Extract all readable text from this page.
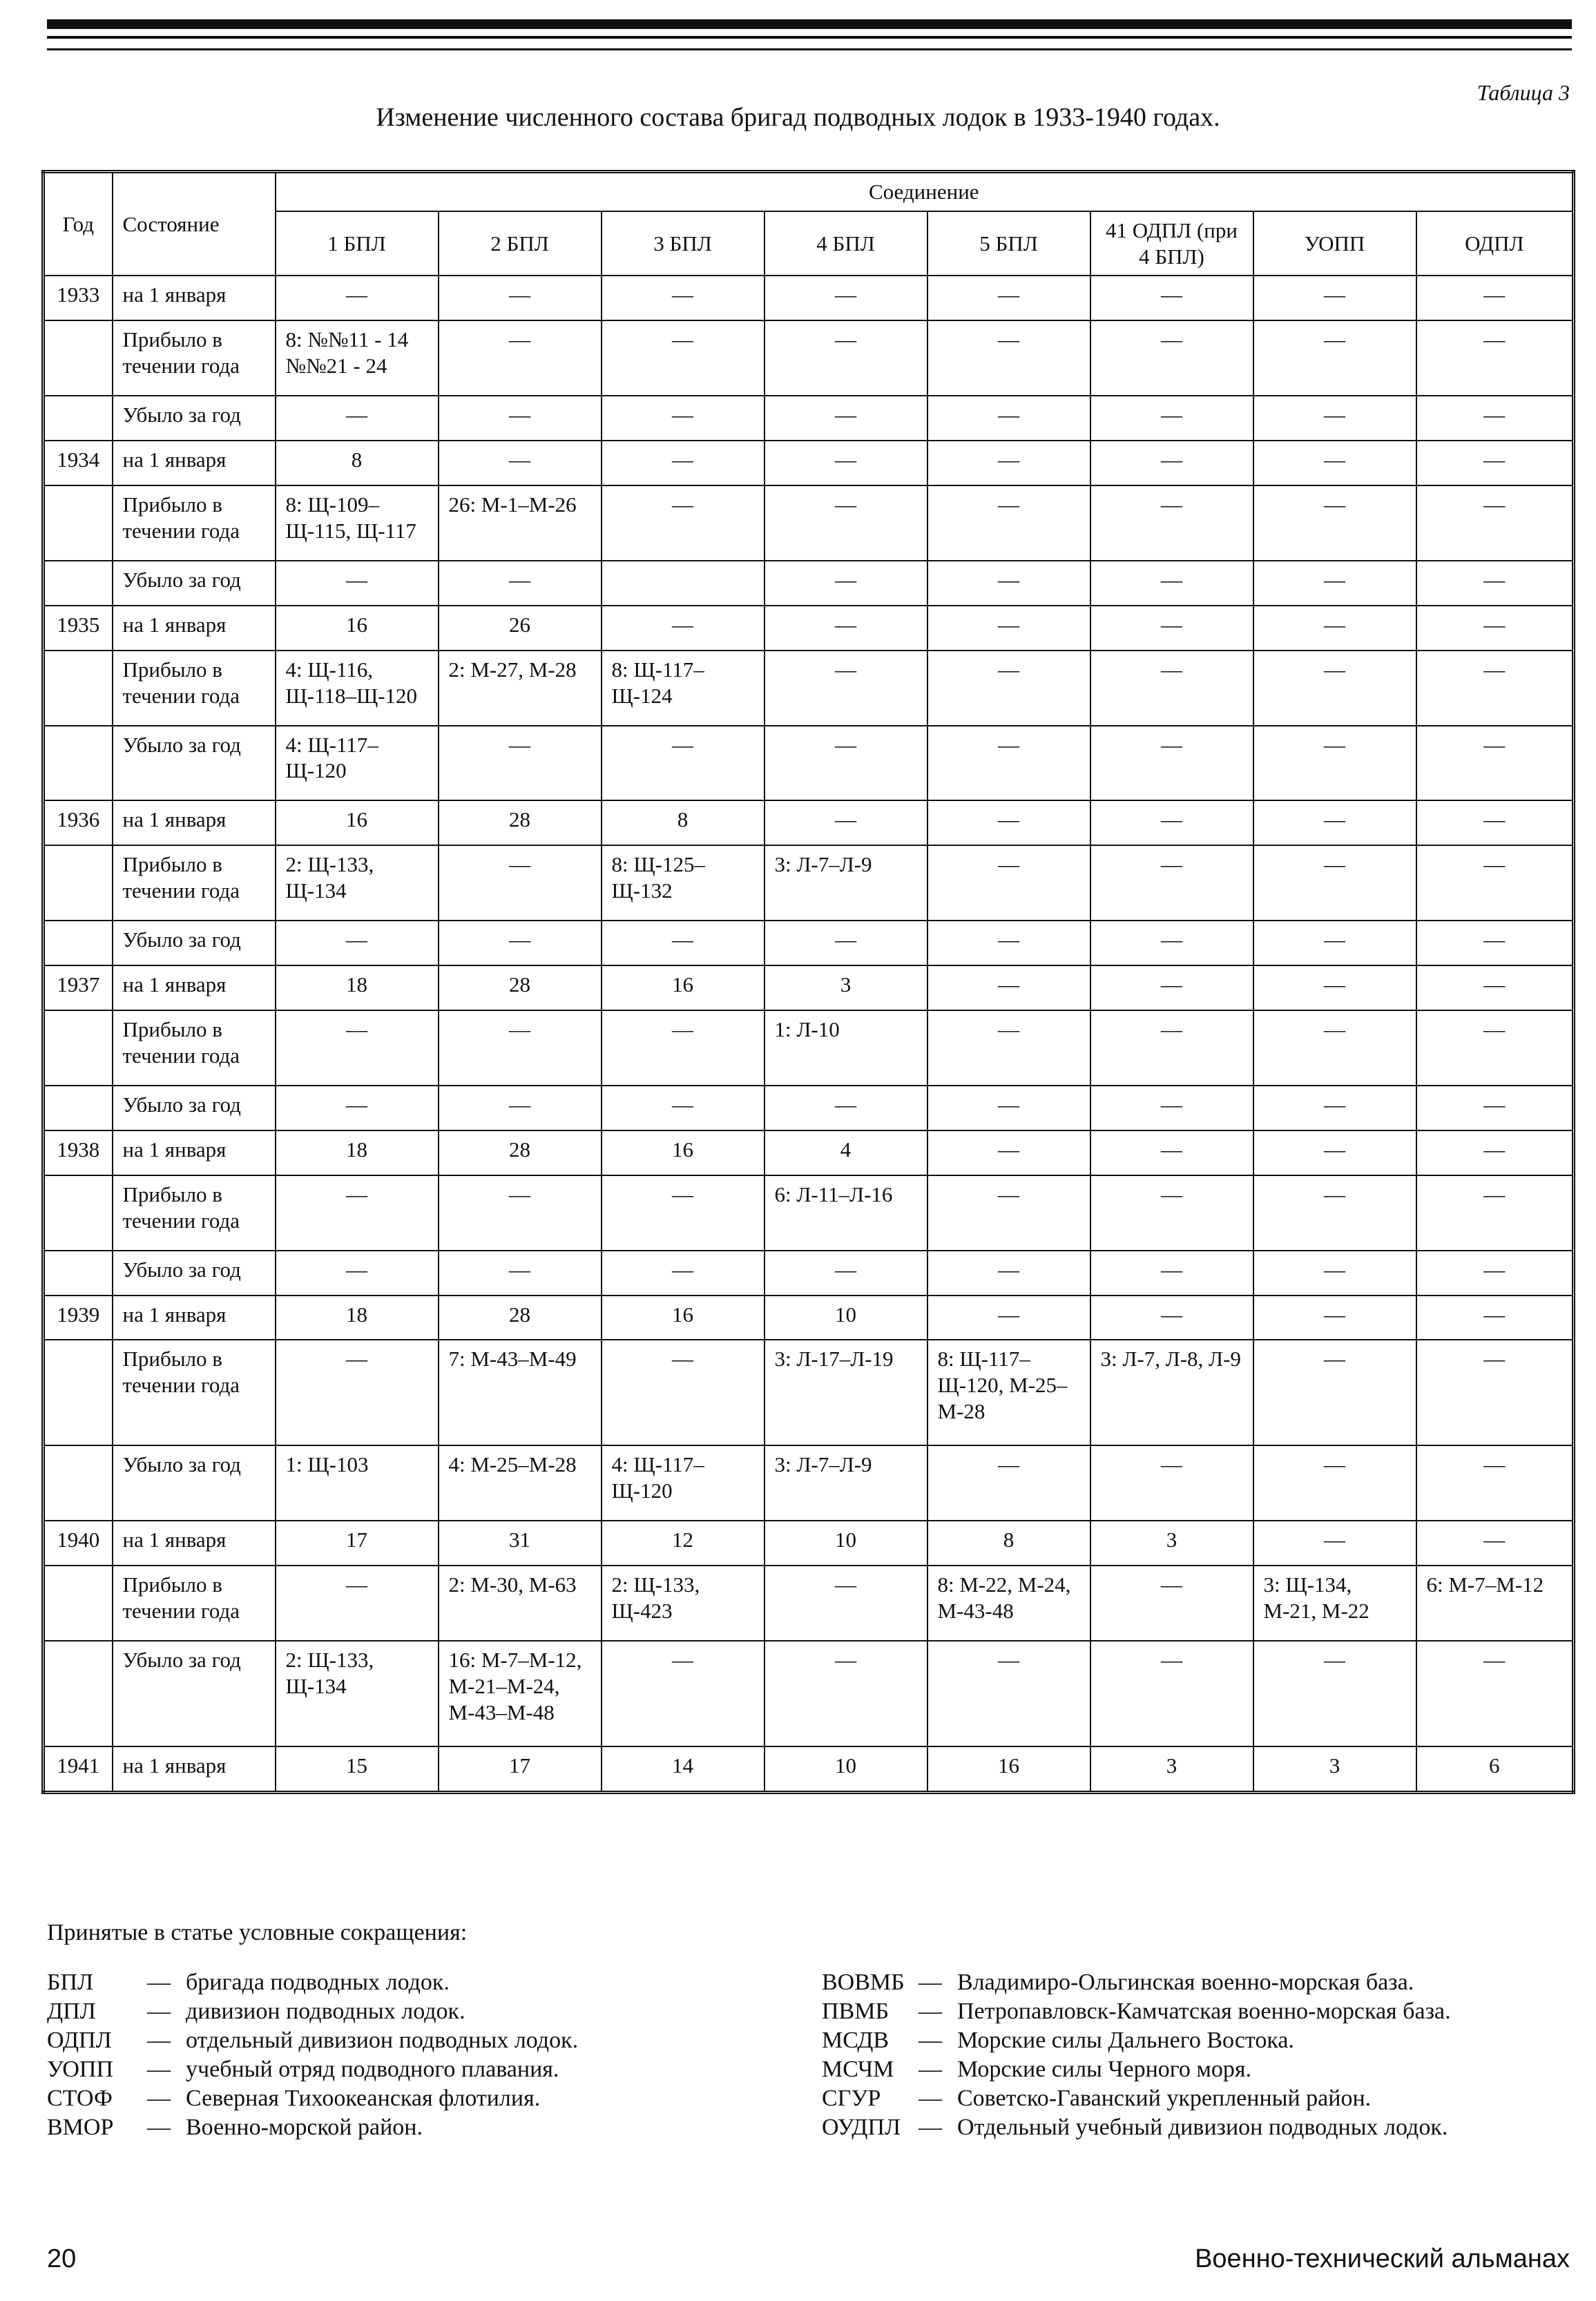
Таблица 3
Изменение численного состава бригад подводных лодок в 1933-1940 годах.
Год	Состояние	Соединение							
		1 БПЛ	2 БПЛ	3 БПЛ	4 БПЛ	5 БПЛ	41 ОДПЛ (при 4 БПЛ)	УОПП	ОДПЛ
1933	на 1 января	—	—	—	—	—	—	—	—
	Прибыло в течении года	8: №№11 - 14 №№21 - 24	—	—	—	—	—	—	—
	Убыло за год	—	—	—	—	—	—	—	—
1934	на 1 января	8	—	—	—	—	—	—	—
	Прибыло в течении года	8: Щ-109–Щ-115, Щ-117	26: М-1–М-26	—	—	—	—	—	—
	Убыло за год	—	—		—	—	—	—	—
1935	на 1 января	16	26	—	—	—	—	—	—
	Прибыло в течении года	4: Щ-116, Щ-118–Щ-120	2: М-27, М-28	8: Щ-117–Щ-124	—	—	—	—	—
	Убыло за год	4: Щ-117–Щ-120	—	—	—	—	—	—	—
1936	на 1 января	16	28	8	—	—	—	—	—
	Прибыло в течении года	2: Щ-133, Щ-134	—	8: Щ-125–Щ-132	3: Л-7–Л-9	—	—	—	—
	Убыло за год	—	—	—	—	—	—	—	—
1937	на 1 января	18	28	16	3	—	—	—	—
	Прибыло в течении года	—	—	—	1: Л-10	—	—	—	—
	Убыло за год	—	—	—	—	—	—	—	—
1938	на 1 января	18	28	16	4	—	—	—	—
	Прибыло в течении года	—	—	—	6: Л-11–Л-16	—	—	—	—
	Убыло за год	—	—	—	—	—	—	—	—
1939	на 1 января	18	28	16	10	—	—	—	—
	Прибыло в течении года	—	7: М-43–М-49	—	3: Л-17–Л-19	8: Щ-117–Щ-120, М-25–М-28	3: Л-7, Л-8, Л-9	—	—
	Убыло за год	1: Щ-103	4: М-25–М-28	4: Щ-117–Щ-120	3: Л-7–Л-9	—	—	—	—
1940	на 1 января	17	31	12	10	8	3	—	—
	Прибыло в течении года	—	2: М-30, М-63	2: Щ-133, Щ-423	—	8: М-22, М-24, М-43-48	—	3: Щ-134, М-21, М-22	6: М-7–М-12
	Убыло за год	2: Щ-133, Щ-134	16: М-7–М-12, М-21–М-24, М-43–М-48	—	—	—	—	—	—
1941	на 1 января	15	17	14	10	16	3	3	6
Принятые в статье условные сокращения:
БПЛ — бригада подводных лодок.
ДПЛ — дивизион подводных лодок.
ОДПЛ — отдельный дивизион подводных лодок.
УОПП — учебный отряд подводного плавания.
СТОФ — Северная Тихоокеанская флотилия.
ВМОР — Военно-морской район.
ВОВМБ — Владимиро-Ольгинская военно-морская база.
ПВМБ — Петропавловск-Камчатская военно-морская база.
МСДВ — Морские силы Дальнего Востока.
МСЧМ — Морские силы Черного моря.
СГУР — Советско-Гаванский укрепленный район.
ОУДПЛ — Отдельный учебный дивизион подводных лодок.
20	Военно-технический альманах
